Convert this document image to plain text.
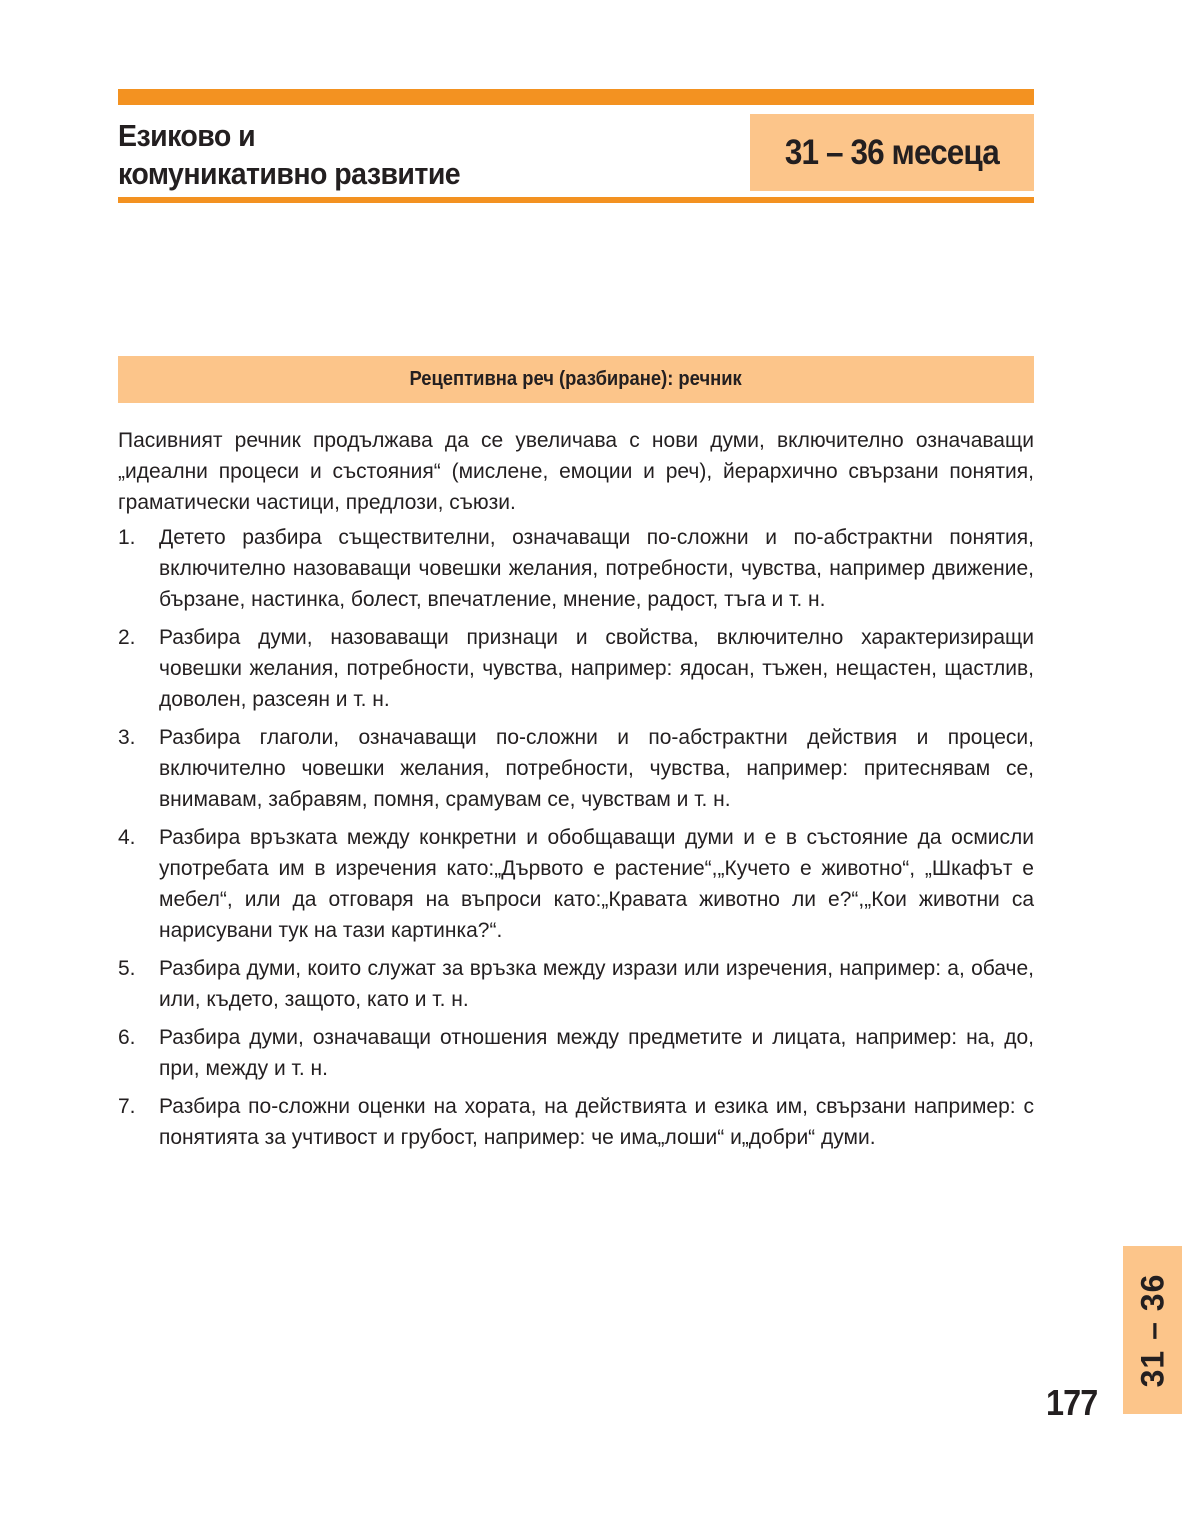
Езиково и
комуникативно развитие
31 – 36 месеца
Рецептивна реч (разбиране): речник

Пасивният речник продължава да се увеличава с нови думи, включително означаващи „идеални процеси и състояния“ (мислене, емоции и реч), йерархично свързани понятия, граматически частици, предлози, съюзи.

1. Детето разбира съществителни, означаващи по-сложни и по-абстрактни понятия, включително назоваващи човешки желания, потребности, чувства, например движение, бързане, настинка, болест, впечатление, мнение, радост, тъга и т. н.
2. Разбира думи, назоваващи признаци и свойства, включително характеризиращи човешки желания, потребности, чувства, например: ядосан, тъжен, нещастен, щастлив, доволен, разсеян и т. н.
3. Разбира глаголи, означаващи по-сложни и по-абстрактни действия и процеси, включително човешки желания, потребности, чувства, например: притеснявам се, внимавам, забравям, помня, срамувам се, чувствам и т. н.
4. Разбира връзката между конкретни и обобщаващи думи и е в състояние да осмисли употребата им в изречения като:„Дървото е растение“,„Кучето е животно“, „Шкафът е мебел“, или да отговаря на въпроси като:„Кравата животно ли е?“,„Кои животни са нарисувани тук на тази картинка?“.
5. Разбира думи, които служат за връзка между изрази или изречения, например: а, обаче, или, където, защото, като и т. н.
6. Разбира думи, означаващи отношения между предметите и лицата, например: на, до, при, между и т. н.
7. Разбира по-сложни оценки на хората, на действията и езика им, свързани например: с понятията за учтивост и грубост, например: че има„лоши“ и„добри“ думи.
177
31 – 36
